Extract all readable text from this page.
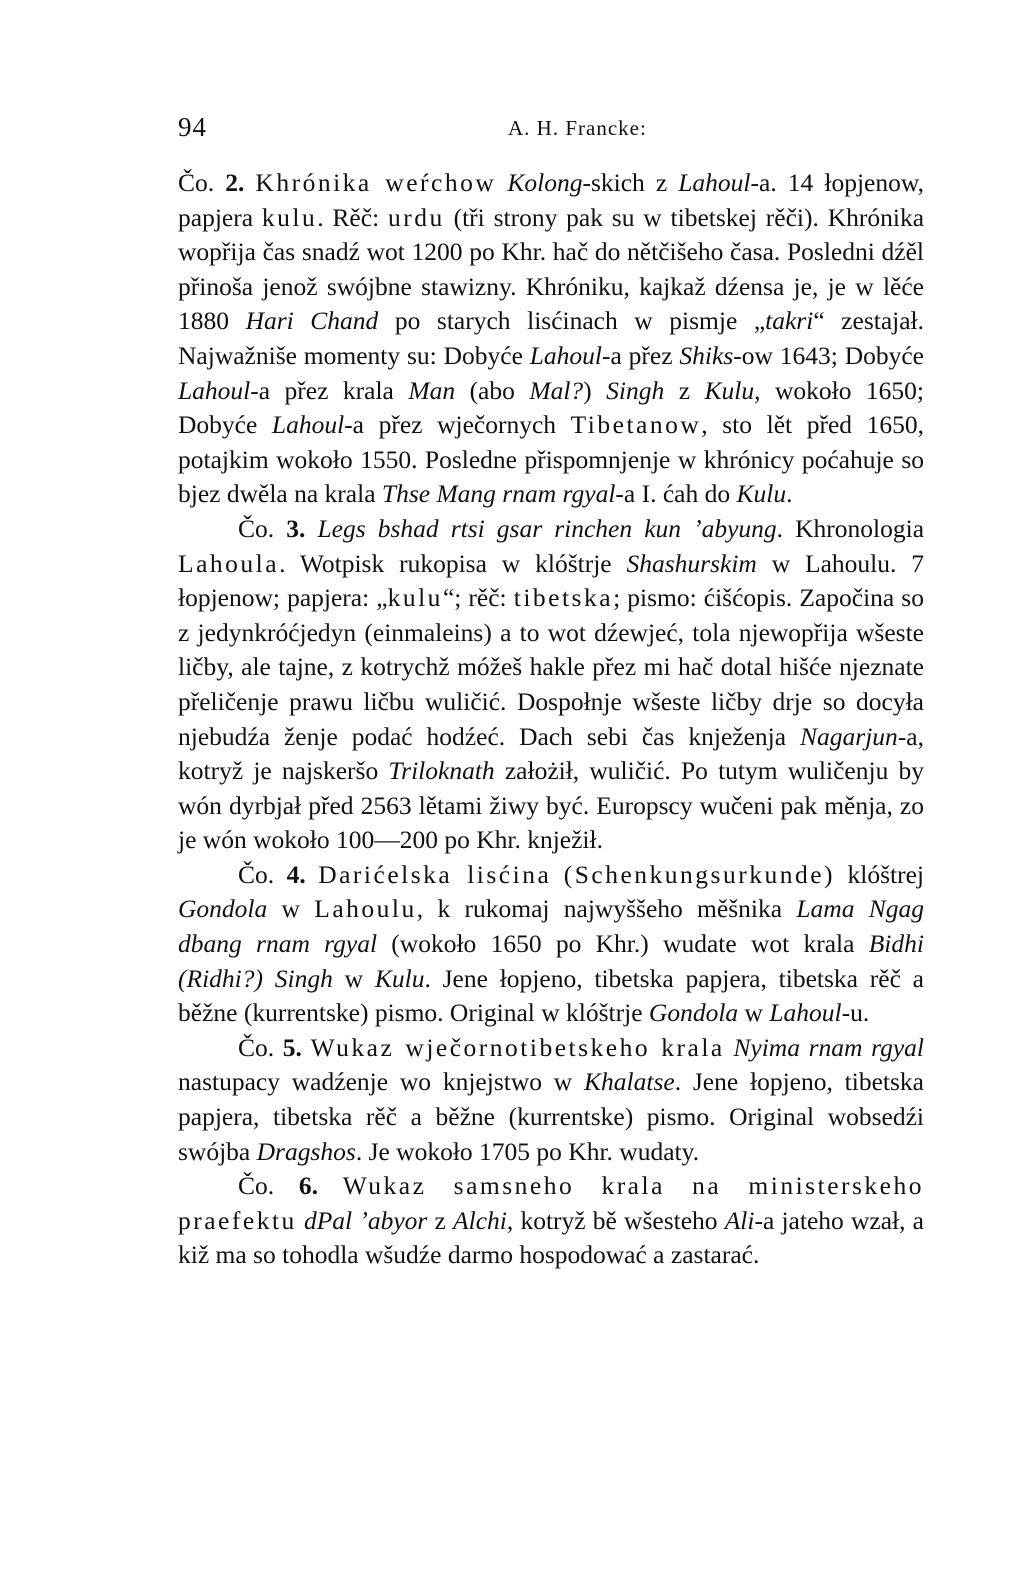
94	A. H. Francke:

Čo. 2. Khrónika weŕchow Kolong-skich z Lahoul-a. 14 łopjenow, papjera kulu. Rěč: urdu (tři strony pak su w tibetskej rěči). Khrónika wopřija čas snadź wot 1200 po Khr. hač do nětčišeho časa. Posledni dźěl přinoša jenož swójbne stawizny. Khróniku, kajkaž dźensa je, je w lěće 1880 Hari Chand po starych lisćinach w pismje „takri“ zestajał. Najwažniše momenty su: Dobyće Lahoul-a přez Shiks-ow 1643; Dobyće Lahoul-a přez krala Man (abo Mal?) Singh z Kulu, wokoło 1650; Dobyće Lahoul-a přez wječornych Tibetanow, sto lět před 1650, potajkim wokoło 1550. Posledne přispomnjenje w khrónicy poćahuje so bjez dwěla na krala Thse Mang rnam rgyal-a I. ćah do Kulu.

Čo. 3. Legs bshad rtsi gsar rinchen kun ʼabyung. Khronologia Lahoula. Wotpisk rukopisa w klóštrje Shashurskim w Lahoulu. 7 łopjenow; papjera: „kulu“; rěč: tibetska; pismo: ćišćopis. Započina so z jedynkróćjedyn (einmaleins) a to wot dźewjeć, tola njewopřija wšeste ličby, ale tajne, z kotrychž móžeš hakle přez mi hač dotal hišće njeznate přeličenje prawu ličbu wuličić. Dospołnje wšeste ličby drje so docyła njebudźa ženje podać hodźeć. Dach sebi čas knježenja Nagarjun-a, kotryž je najskeršo Triloknath założił, wuličić. Po tutym wuličenju by wón dyrbjał před 2563 lětami žiwy być. Europscy wučeni pak měnja, zo je wón wokoło 100—200 po Khr. knježił.

Čo. 4. Darićelska lisćina (Schenkungsurkunde) klóštrej Gondola w Lahoulu, k rukomaj najwyššeho měšnika Lama Ngag dbang rnam rgyal (wokoło 1650 po Khr.) wudate wot krala Bidhi (Ridhi?) Singh w Kulu. Jene łopjeno, tibetska papjera, tibetska rěč a běžne (kurrentske) pismo. Original w klóštrje Gondola w Lahoul-u.

Čo. 5. Wukaz wječornotibetskeho krala Nyima rnam rgyal nastupacy wadźenje wo knjejstwo w Khalatse. Jene łopjeno, tibetska papjera, tibetska rěč a běžne (kurrentske) pismo. Original wobsedźi swójba Dragshos. Je wokoło 1705 po Khr. wudaty.

Čo. 6. Wukaz samsneho krala na ministerskeho praefektu dPal ʼabyor z Alchi, kotryž bě wšesteho Ali-a jateho wzał, a kiž ma so tohodla wšudźe darmo hospodować a zastarać.
